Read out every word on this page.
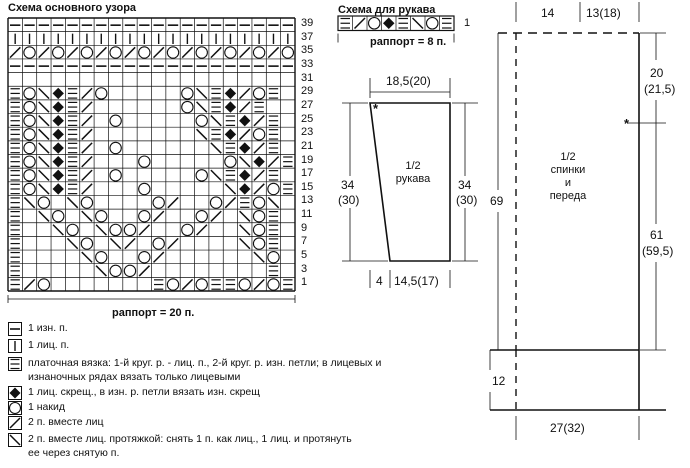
Схема основного узора
39
37
35
33
31
29
27
25
23
21
19
17
15
13
11
9
7
5
3
1
раппорт = 20 п.
Схема для рукава
1
раппорт = 8 п.
*
18,5(20)
1/2
рукава
34
(30)
34
(30)
4 14,5(17)
14	13(18)
20
(21,5)
*
1/2
спинки
и
переда
69
61
(59,5)
12
27(32)
1 изн. п.
1 лиц. п.
платочная вязка: 1-й круг. р. - лиц. п., 2-й круг. р. изн. петли; в лицевых и
изнаночных рядах вязать только лицевыми
1 лиц. скрещ., в изн. р. петли вязать изн. скрещ
1 накид
2 п. вместе лиц
2 п. вместе лиц. протяжкой: снять 1 п. как лиц., 1 лиц. и протянуть
ее через снятую п.
